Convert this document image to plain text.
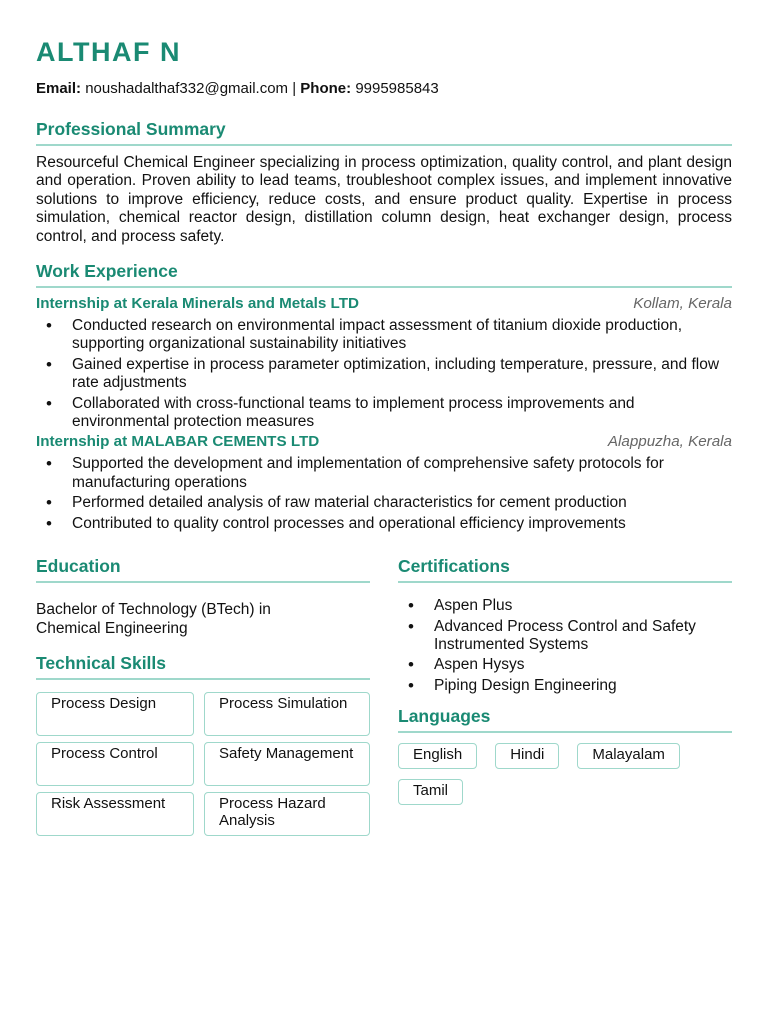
ALTHAF N
Email: noushadalthaf332@gmail.com | Phone: 9995985843
Professional Summary
Resourceful Chemical Engineer specializing in process optimization, quality control, and plant design and operation. Proven ability to lead teams, troubleshoot complex issues, and implement innovative solutions to improve efficiency, reduce costs, and ensure product quality. Expertise in process simulation, chemical reactor design, distillation column design, heat exchanger design, process control, and process safety.
Work Experience
Internship at Kerala Minerals and Metals LTD	Kollam, Kerala
• Conducted research on environmental impact assessment of titanium dioxide production, supporting organizational sustainability initiatives
• Gained expertise in process parameter optimization, including temperature, pressure, and flow rate adjustments
• Collaborated with cross-functional teams to implement process improvements and environmental protection measures
Internship at MALABAR CEMENTS LTD	Alappuzha, Kerala
• Supported the development and implementation of comprehensive safety protocols for manufacturing operations
• Performed detailed analysis of raw material characteristics for cement production
• Contributed to quality control processes and operational efficiency improvements
Education
Bachelor of Technology (BTech) in Chemical Engineering
Technical Skills
Process Design	Process Simulation
Process Control	Safety Management
Risk Assessment	Process Hazard Analysis
Certifications
• Aspen Plus
• Advanced Process Control and Safety Instrumented Systems
• Aspen Hysys
• Piping Design Engineering
Languages
English	Hindi	Malayalam
Tamil
